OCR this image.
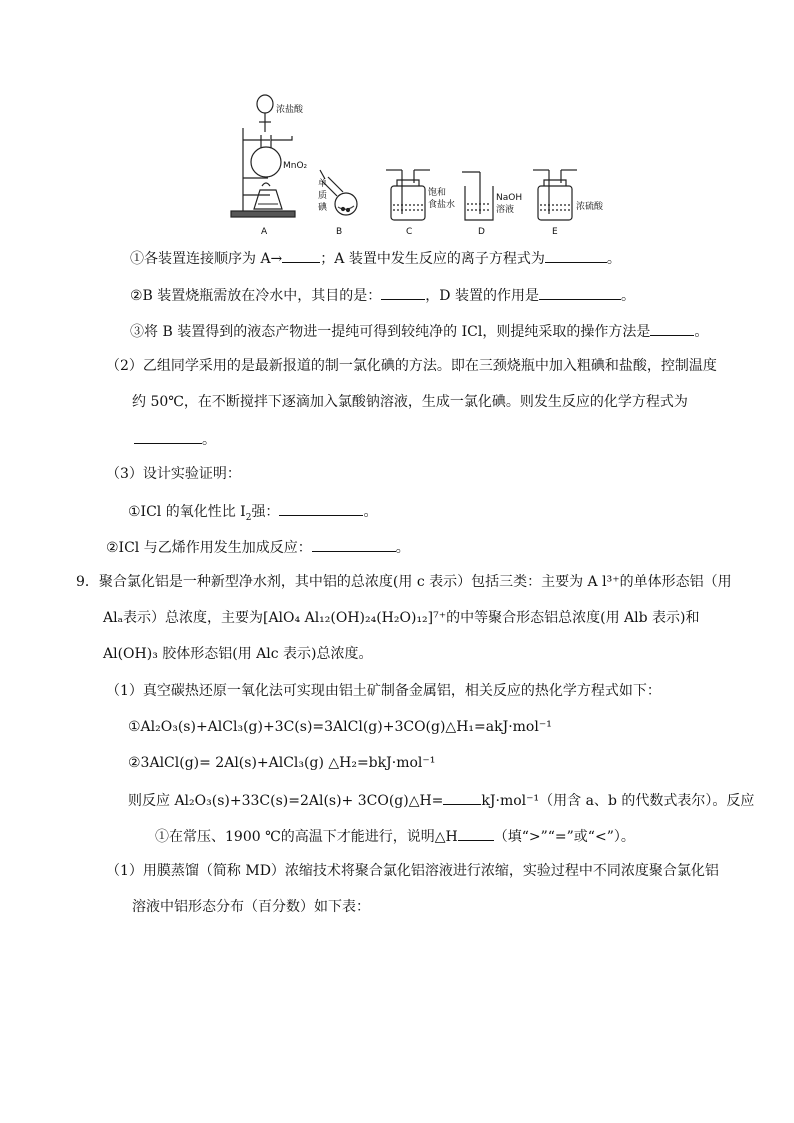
浓盐酸
MnO₂
单
质
碘
饱和
食盐水
NaOH
溶液	浓硫酸
A	B	C	D	E
①各装置连接顺序为 A→	；A 装置中发生反应的离子方程式为	。
②B 装置烧瓶需放在冷水中，其目的是：	，D 装置的作用是	。
③将 B 装置得到的液态产物进一提纯可得到较纯净的 ICl，则提纯采取的操作方法是	。
（2）乙组同学采用的是最新报道的制一氯化碘的方法。即在三颈烧瓶中加入粗碘和盐酸，控制温度
约 50℃，在不断搅拌下逐滴加入氯酸钠溶液，生成一氯化碘。则发生反应的化学方程式为
。
（3）设计实验证明：
①ICl 的氧化性比 $I_2$强：	。
②ICl 与乙烯作用发生加成反应：	。
9．聚合氯化铝是一种新型净水剂，其中铝的总浓度(用 c 表示）包括三类：主要为 A l³⁺的单体形态铝（用
Alₐ表示）总浓度，主要为[AlO₄ Al₁₂(OH)₂₄(H₂O)₁₂]⁷⁺的中等聚合形态铝总浓度(用 Alb 表示)和
Al(OH)₃ 胶体形态铝(用 Alc 表示)总浓度。
（1）真空碳热还原一氧化法可实现由铝土矿制备金属铝，相关反应的热化学方程式如下：
①Al₂O₃(s)+AlCl₃(g)+3C(s)=3AlCl(g)+3CO(g)△H₁=akJ·mol⁻¹
②3AlCl(g)= 2Al(s)+AlCl₃(g) △H₂=bkJ·mol⁻¹
则反应 Al₂O₃(s)+33C(s)=2Al(s)+ 3CO(g)△H=	kJ·mol⁻¹（用含 a、b 的代数式表尔）。反应
①在常压、1900 ℃的高温下才能进行，说明△H	（填“>”“=”或“<”）。
（1）用膜蒸馏（简称 MD）浓缩技术将聚合氯化铝溶液进行浓缩，实验过程中不同浓度聚合氯化铝
溶液中铝形态分布（百分数）如下表：
